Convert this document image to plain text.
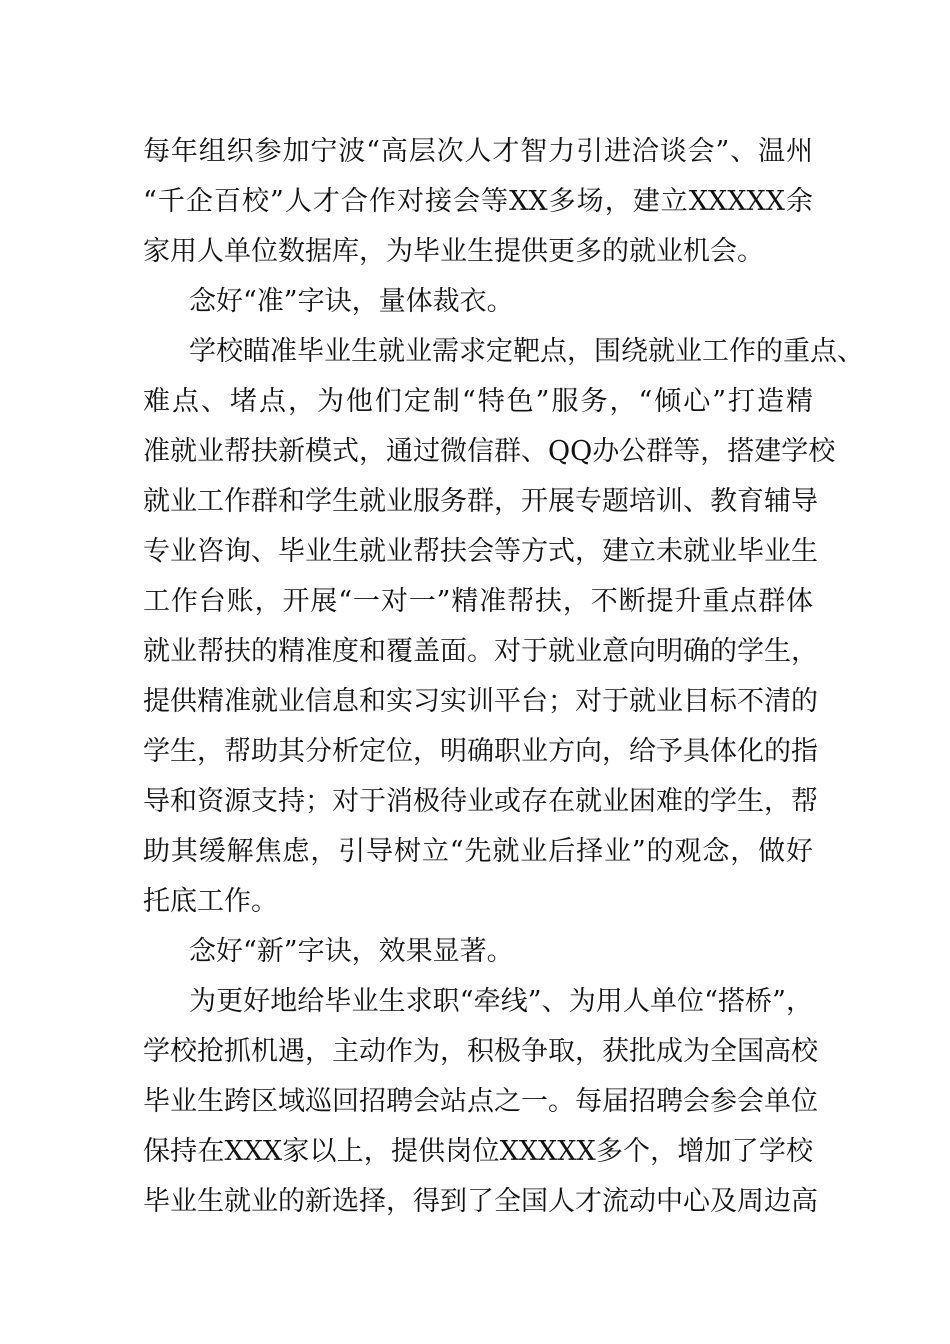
每年组织参加宁波“高层次人才智力引进洽谈会”、温州
“千企百校”人才合作对接会等XX多场，建立XXXXX余
家用人单位数据库，为毕业生提供更多的就业机会。
念好“准”字诀，量体裁衣。
学校瞄准毕业生就业需求定靶点，围绕就业工作的重点、
难点、堵点，为他们定制“特色”服务，“倾心”打造精
准就业帮扶新模式，通过微信群、QQ办公群等，搭建学校
就业工作群和学生就业服务群，开展专题培训、教育辅导
专业咨询、毕业生就业帮扶会等方式，建立未就业毕业生
工作台账，开展“一对一”精准帮扶，不断提升重点群体
就业帮扶的精准度和覆盖面。对于就业意向明确的学生，
提供精准就业信息和实习实训平台；对于就业目标不清的
学生，帮助其分析定位，明确职业方向，给予具体化的指
导和资源支持；对于消极待业或存在就业困难的学生，帮
助其缓解焦虑，引导树立“先就业后择业”的观念，做好
托底工作。
念好“新”字诀，效果显著。
为更好地给毕业生求职“牵线”、为用人单位“搭桥”，
学校抢抓机遇，主动作为，积极争取，获批成为全国高校
毕业生跨区域巡回招聘会站点之一。每届招聘会参会单位
保持在XXX家以上，提供岗位XXXXX多个，增加了学校
毕业生就业的新选择，得到了全国人才流动中心及周边高
